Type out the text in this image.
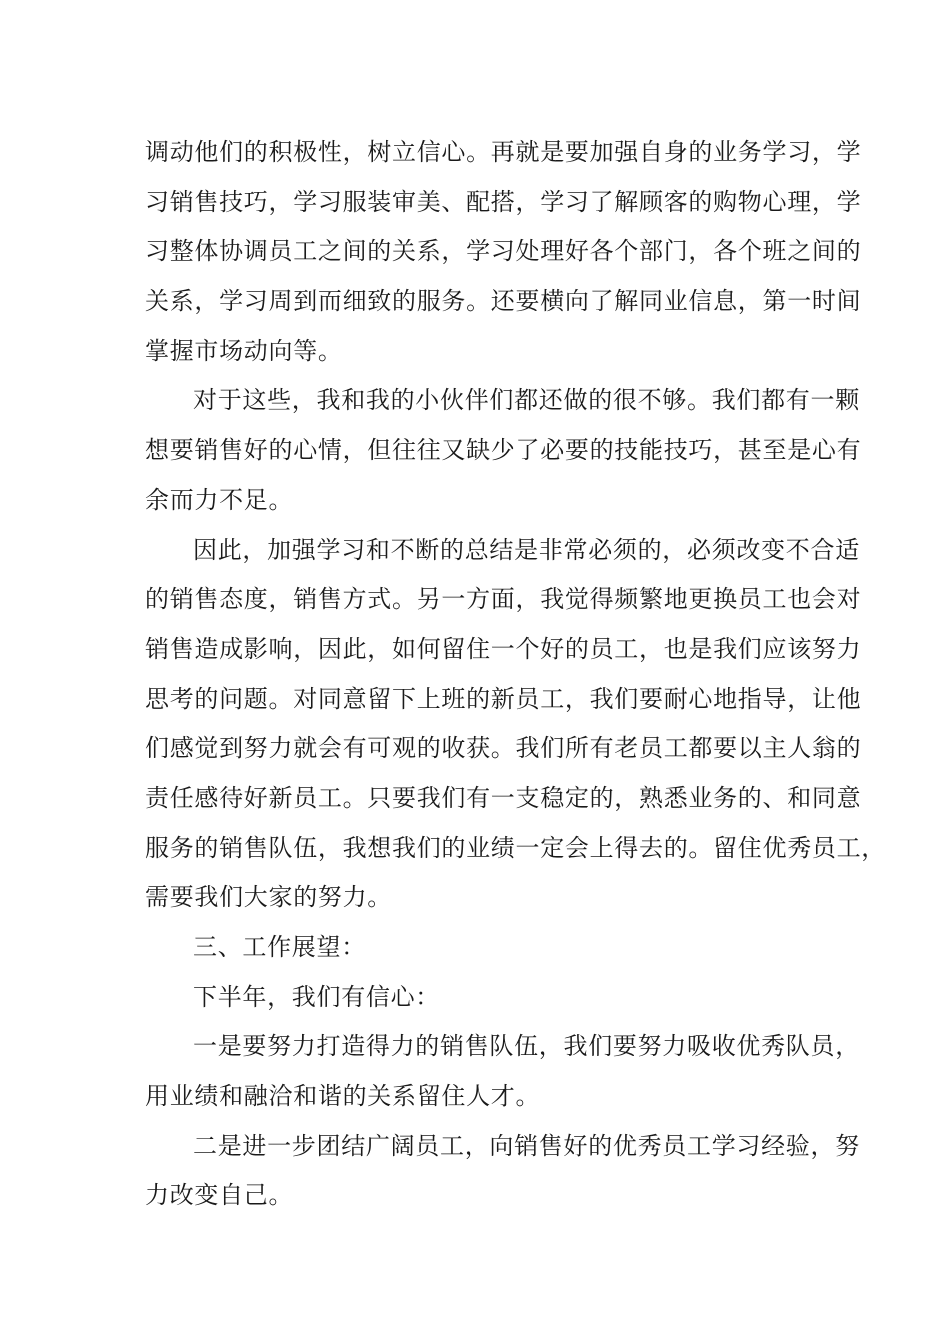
调动他们的积极性，树立信心。再就是要加强自身的业务学习，学
习销售技巧，学习服装审美、配搭，学习了解顾客的购物心理，学
习整体协调员工之间的关系，学习处理好各个部门，各个班之间的
关系，学习周到而细致的服务。还要横向了解同业信息，第一时间
掌握市场动向等。
对于这些，我和我的小伙伴们都还做的很不够。我们都有一颗
想要销售好的心情，但往往又缺少了必要的技能技巧，甚至是心有
余而力不足。
因此，加强学习和不断的总结是非常必须的，必须改变不合适
的销售态度，销售方式。另一方面，我觉得频繁地更换员工也会对
销售造成影响，因此，如何留住一个好的员工，也是我们应该努力
思考的问题。对同意留下上班的新员工，我们要耐心地指导，让他
们感觉到努力就会有可观的收获。我们所有老员工都要以主人翁的
责任感待好新员工。只要我们有一支稳定的，熟悉业务的、和同意
服务的销售队伍，我想我们的业绩一定会上得去的。留住优秀员工，
需要我们大家的努力。
三、工作展望：
下半年，我们有信心：
一是要努力打造得力的销售队伍，我们要努力吸收优秀队员，
用业绩和融洽和谐的关系留住人才。
二是进一步团结广阔员工，向销售好的优秀员工学习经验，努
力改变自己。
